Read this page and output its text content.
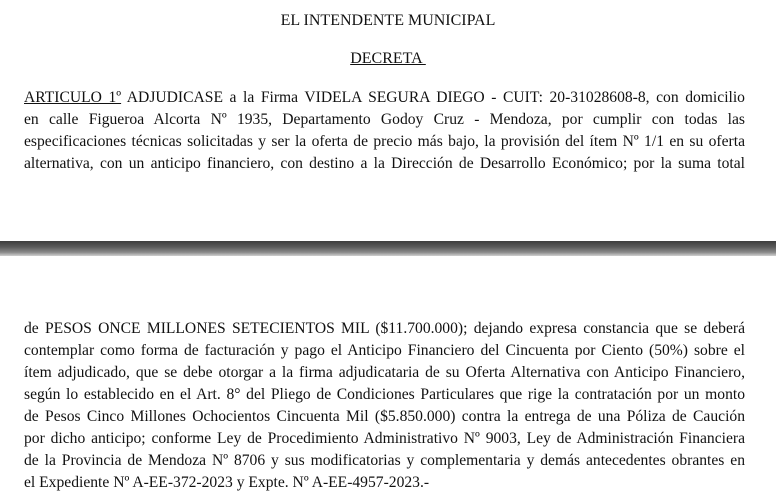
EL INTENDENTE MUNICIPAL
DECRETA
ARTICULO 1º ADJUDICASE a la Firma VIDELA SEGURA DIEGO - CUIT: 20-31028608-8, con domicilio
en calle Figueroa Alcorta Nº 1935, Departamento Godoy Cruz - Mendoza, por cumplir con todas las
especificaciones técnicas solicitadas y ser la oferta de precio más bajo, la provisión del ítem Nº 1/1 en su oferta
alternativa, con un anticipo financiero, con destino a la Dirección de Desarrollo Económico; por la suma total
de PESOS ONCE MILLONES SETECIENTOS MIL ($11.700.000); dejando expresa constancia que se deberá
contemplar como forma de facturación y pago el Anticipo Financiero del Cincuenta por Ciento (50%) sobre el
ítem adjudicado, que se debe otorgar a la firma adjudicataria de su Oferta Alternativa con Anticipo Financiero,
según lo establecido en el Art. 8° del Pliego de Condiciones Particulares que rige la contratación por un monto
de Pesos Cinco Millones Ochocientos Cincuenta Mil ($5.850.000) contra la entrega de una Póliza de Caución
por dicho anticipo; conforme Ley de Procedimiento Administrativo Nº 9003, Ley de Administración Financiera
de la Provincia de Mendoza Nº 8706 y sus modificatorias y complementaria y demás antecedentes obrantes en
el Expediente Nº A-EE-372-2023 y Expte. Nº A-EE-4957-2023.-
